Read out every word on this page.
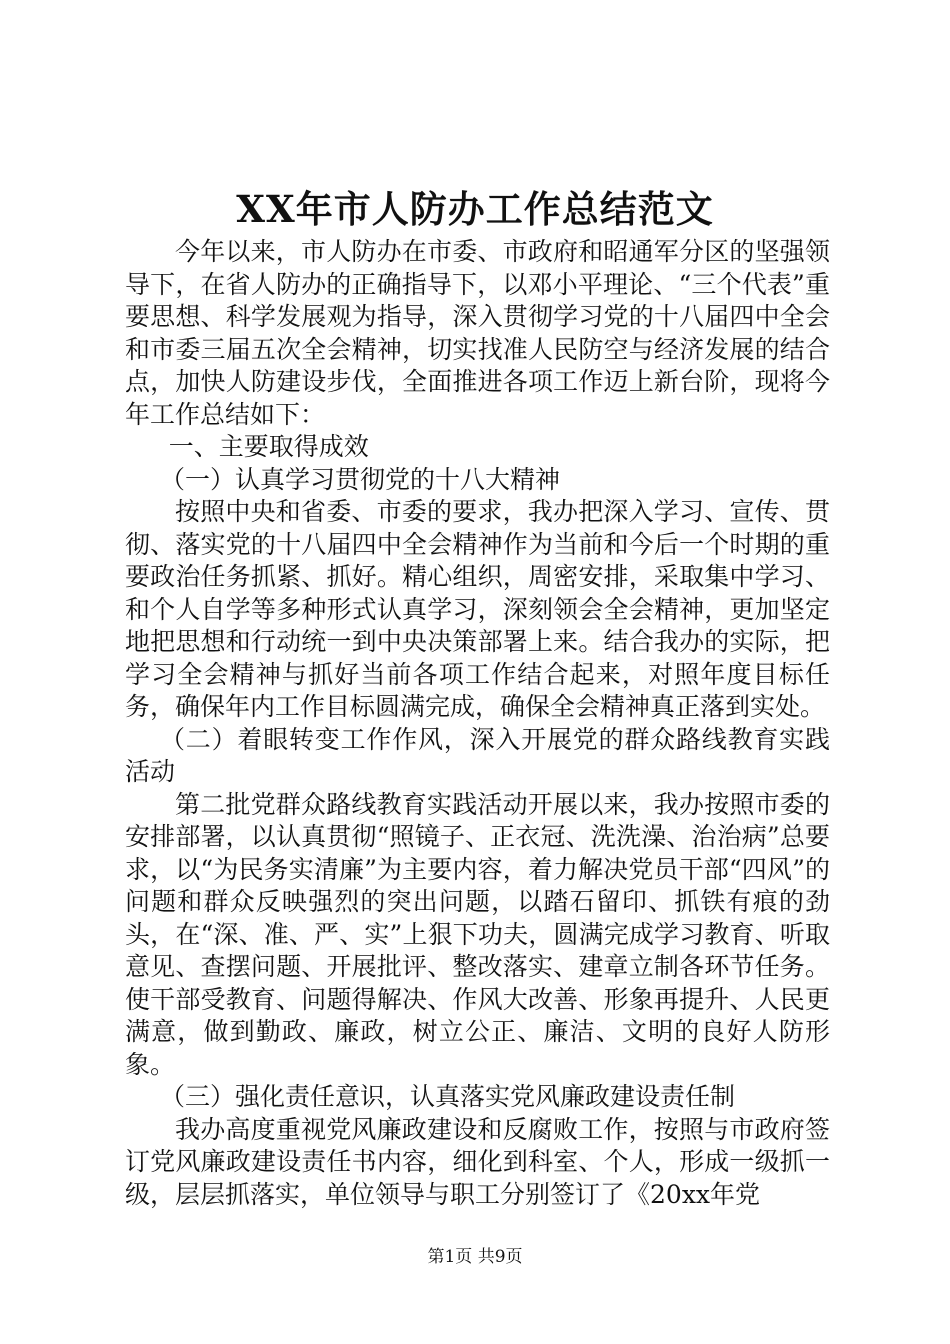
XX年市人防办工作总结范文

今年以来，市人防办在市委、市政府和昭通军分区的坚强领导下，在省人防办的正确指导下，以邓小平理论、“三个代表”重要思想、科学发展观为指导，深入贯彻学习党的十八届四中全会和市委三届五次全会精神，切实找准人民防空与经济发展的结合点，加快人防建设步伐，全面推进各项工作迈上新台阶，现将今年工作总结如下：

一、主要取得成效

（一）认真学习贯彻党的十八大精神

按照中央和省委、市委的要求，我办把深入学习、宣传、贯彻、落实党的十八届四中全会精神作为当前和今后一个时期的重要政治任务抓紧、抓好。精心组织，周密安排，采取集中学习、和个人自学等多种形式认真学习，深刻领会全会精神，更加坚定地把思想和行动统一到中央决策部署上来。结合我办的实际，把学习全会精神与抓好当前各项工作结合起来，对照年度目标任务，确保年内工作目标圆满完成，确保全会精神真正落到实处。

（二）着眼转变工作作风，深入开展党的群众路线教育实践活动

第二批党群众路线教育实践活动开展以来，我办按照市委的安排部署，以认真贯彻“照镜子、正衣冠、洗洗澡、治治病”总要求，以“为民务实清廉”为主要内容，着力解决党员干部“四风”的问题和群众反映强烈的突出问题，以踏石留印、抓铁有痕的劲头，在“深、准、严、实”上狠下功夫，圆满完成学习教育、听取意见、查摆问题、开展批评、整改落实、建章立制各环节任务。使干部受教育、问题得解决、作风大改善、形象再提升、人民更满意，做到勤政、廉政，树立公正、廉洁、文明的良好人防形象。

（三）强化责任意识，认真落实党风廉政建设责任制

我办高度重视党风廉政建设和反腐败工作，按照与市政府签订党风廉政建设责任书内容，细化到科室、个人，形成一级抓一级，层层抓落实，单位领导与职工分别签订了《20xx年党

第1页 共9页
